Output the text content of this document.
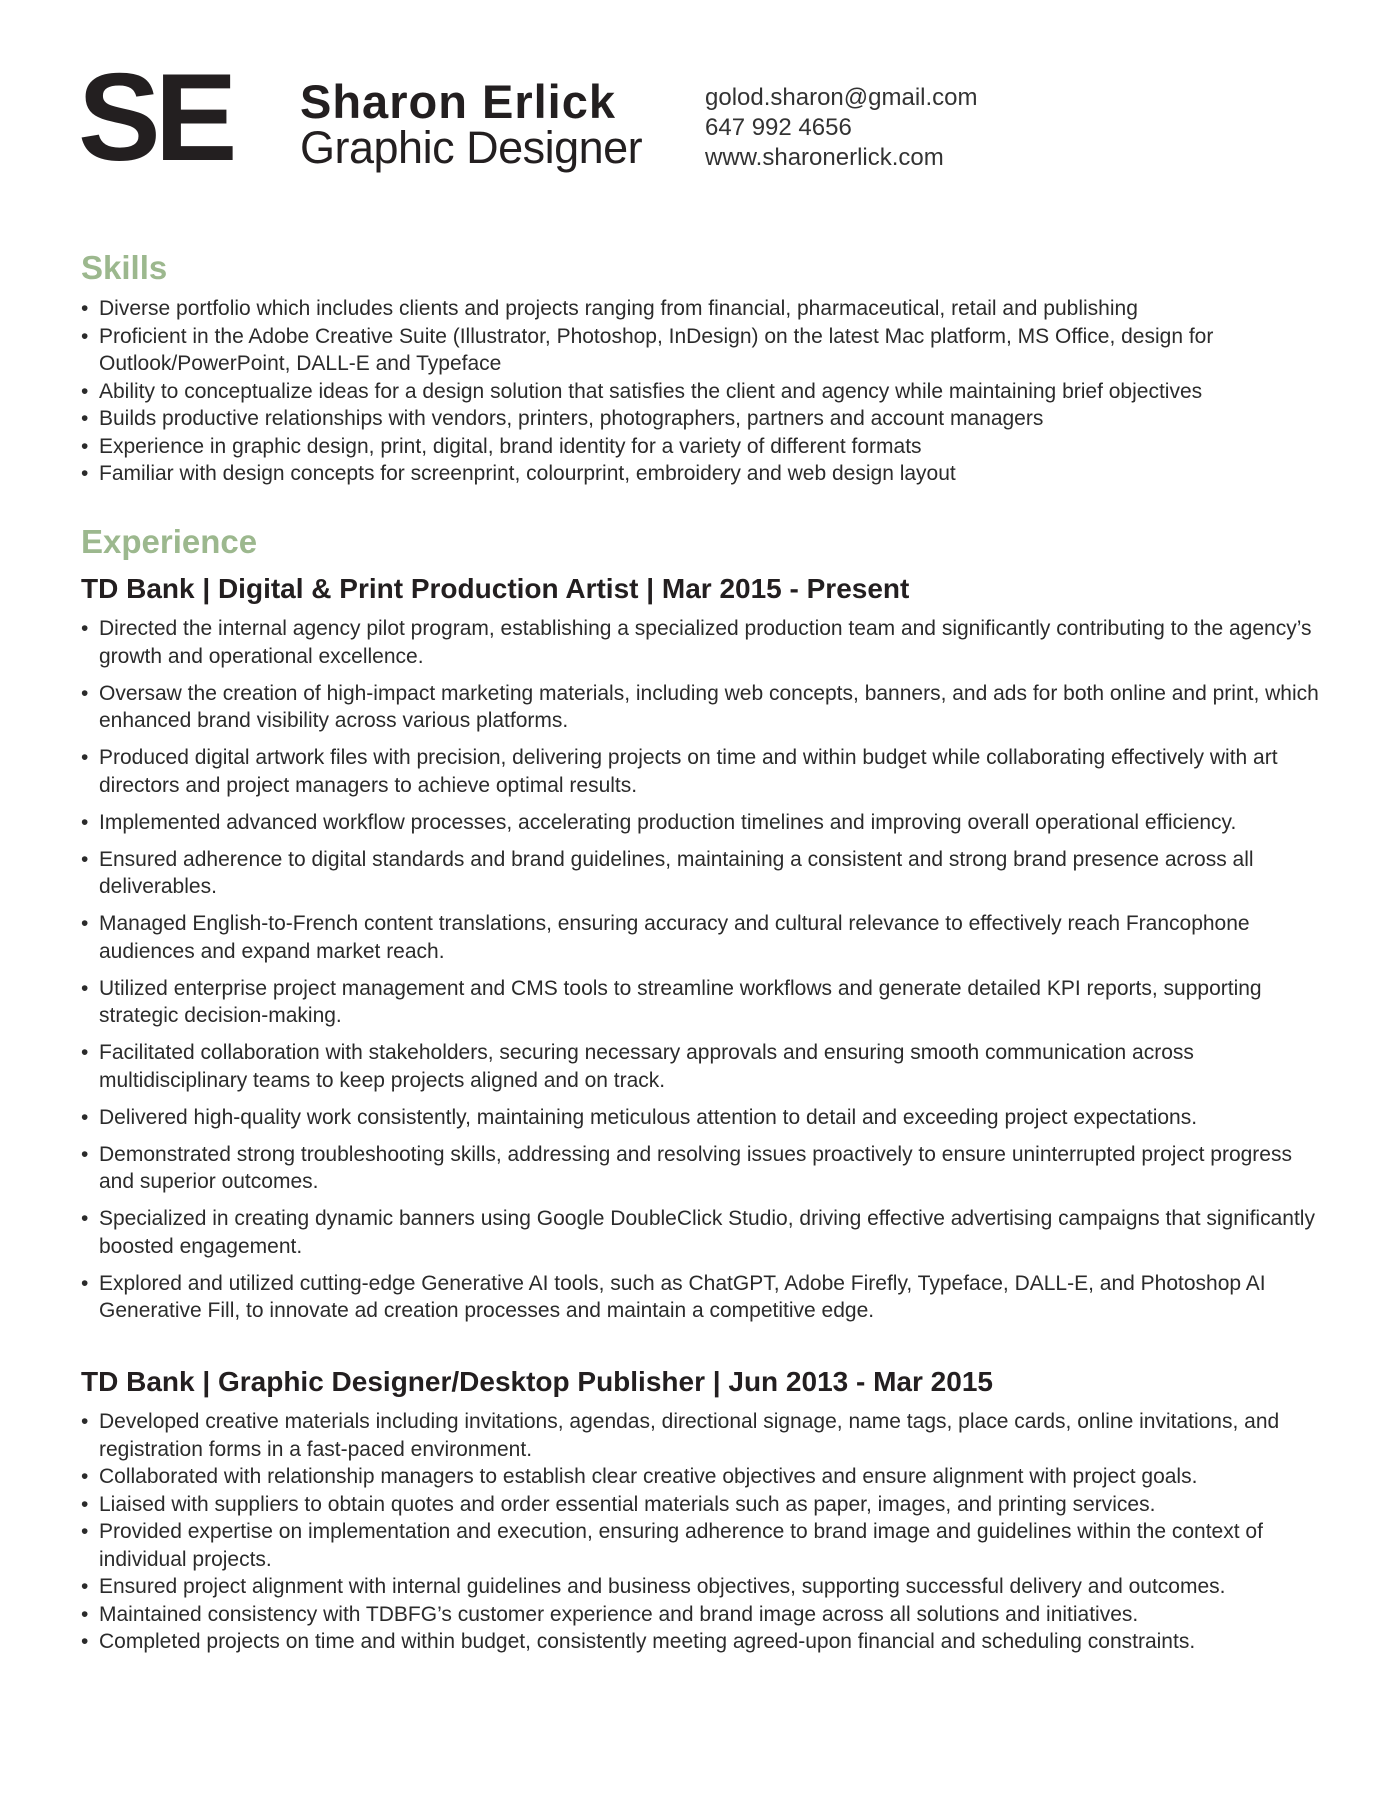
SE Sharon Erlick
Graphic Designer
golod.sharon@gmail.com
647 992 4656
www.sharonerlick.com
Skills
• Diverse portfolio which includes clients and projects ranging from financial, pharmaceutical, retail and publishing
• Proficient in the Adobe Creative Suite (Illustrator, Photoshop, InDesign) on the latest Mac platform, MS Office, design for Outlook/PowerPoint, DALL-E and Typeface
• Ability to conceptualize ideas for a design solution that satisfies the client and agency while maintaining brief objectives
• Builds productive relationships with vendors, printers, photographers, partners and account managers
• Experience in graphic design, print, digital, brand identity for a variety of different formats
• Familiar with design concepts for screenprint, colourprint, embroidery and web design layout
Experience
TD Bank | Digital & Print Production Artist | Mar 2015 - Present
• Directed the internal agency pilot program, establishing a specialized production team and significantly contributing to the agency’s growth and operational excellence.
• Oversaw the creation of high-impact marketing materials, including web concepts, banners, and ads for both online and print, which enhanced brand visibility across various platforms.
• Produced digital artwork files with precision, delivering projects on time and within budget while collaborating effectively with art directors and project managers to achieve optimal results.
• Implemented advanced workflow processes, accelerating production timelines and improving overall operational efficiency.
• Ensured adherence to digital standards and brand guidelines, maintaining a consistent and strong brand presence across all deliverables.
• Managed English-to-French content translations, ensuring accuracy and cultural relevance to effectively reach Francophone audiences and expand market reach.
• Utilized enterprise project management and CMS tools to streamline workflows and generate detailed KPI reports, supporting strategic decision-making.
• Facilitated collaboration with stakeholders, securing necessary approvals and ensuring smooth communication across multidisciplinary teams to keep projects aligned and on track.
• Delivered high-quality work consistently, maintaining meticulous attention to detail and exceeding project expectations.
• Demonstrated strong troubleshooting skills, addressing and resolving issues proactively to ensure uninterrupted project progress and superior outcomes.
• Specialized in creating dynamic banners using Google DoubleClick Studio, driving effective advertising campaigns that significantly boosted engagement.
• Explored and utilized cutting-edge Generative AI tools, such as ChatGPT, Adobe Firefly, Typeface, DALL-E, and Photoshop AI Generative Fill, to innovate ad creation processes and maintain a competitive edge.
TD Bank | Graphic Designer/Desktop Publisher | Jun 2013 - Mar 2015
• Developed creative materials including invitations, agendas, directional signage, name tags, place cards, online invitations, and registration forms in a fast-paced environment.
• Collaborated with relationship managers to establish clear creative objectives and ensure alignment with project goals.
• Liaised with suppliers to obtain quotes and order essential materials such as paper, images, and printing services.
• Provided expertise on implementation and execution, ensuring adherence to brand image and guidelines within the context of individual projects.
• Ensured project alignment with internal guidelines and business objectives, supporting successful delivery and outcomes.
• Maintained consistency with TDBFG’s customer experience and brand image across all solutions and initiatives.
• Completed projects on time and within budget, consistently meeting agreed-upon financial and scheduling constraints.
